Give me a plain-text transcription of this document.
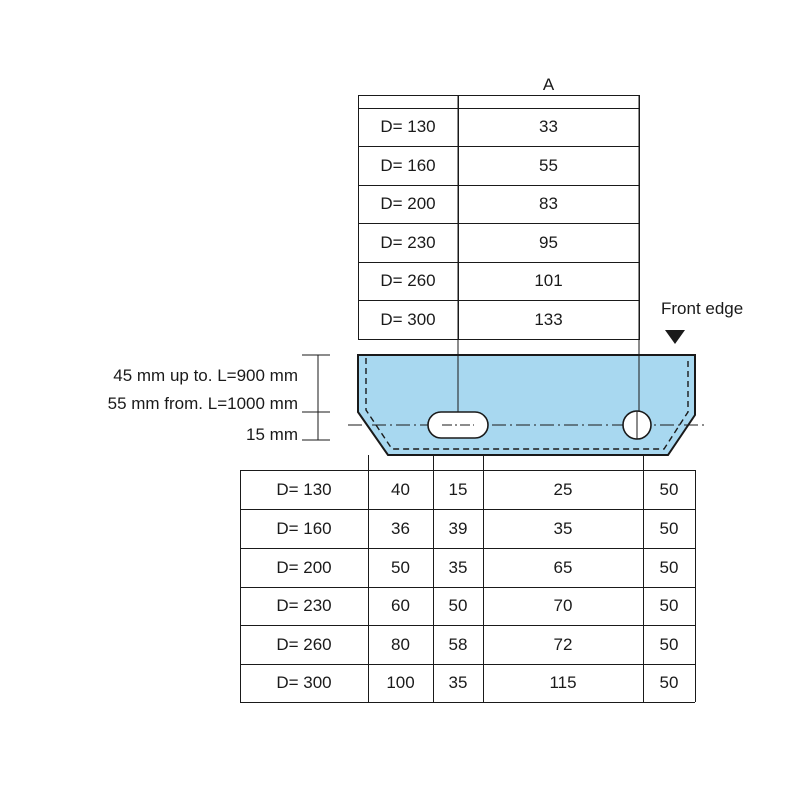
A
D= 130	33
D= 160	55
D= 200	83
D= 230	95
D= 260	101
D= 300	133
45 mm up to. L=900 mm
55 mm from. L=1000 mm
15 mm
Front edge
D= 130	40	15	25	50
D= 160	36	39	35	50
D= 200	50	35	65	50
D= 230	60	50	70	50
D= 260	80	58	72	50
D= 300	100	35	115	50
